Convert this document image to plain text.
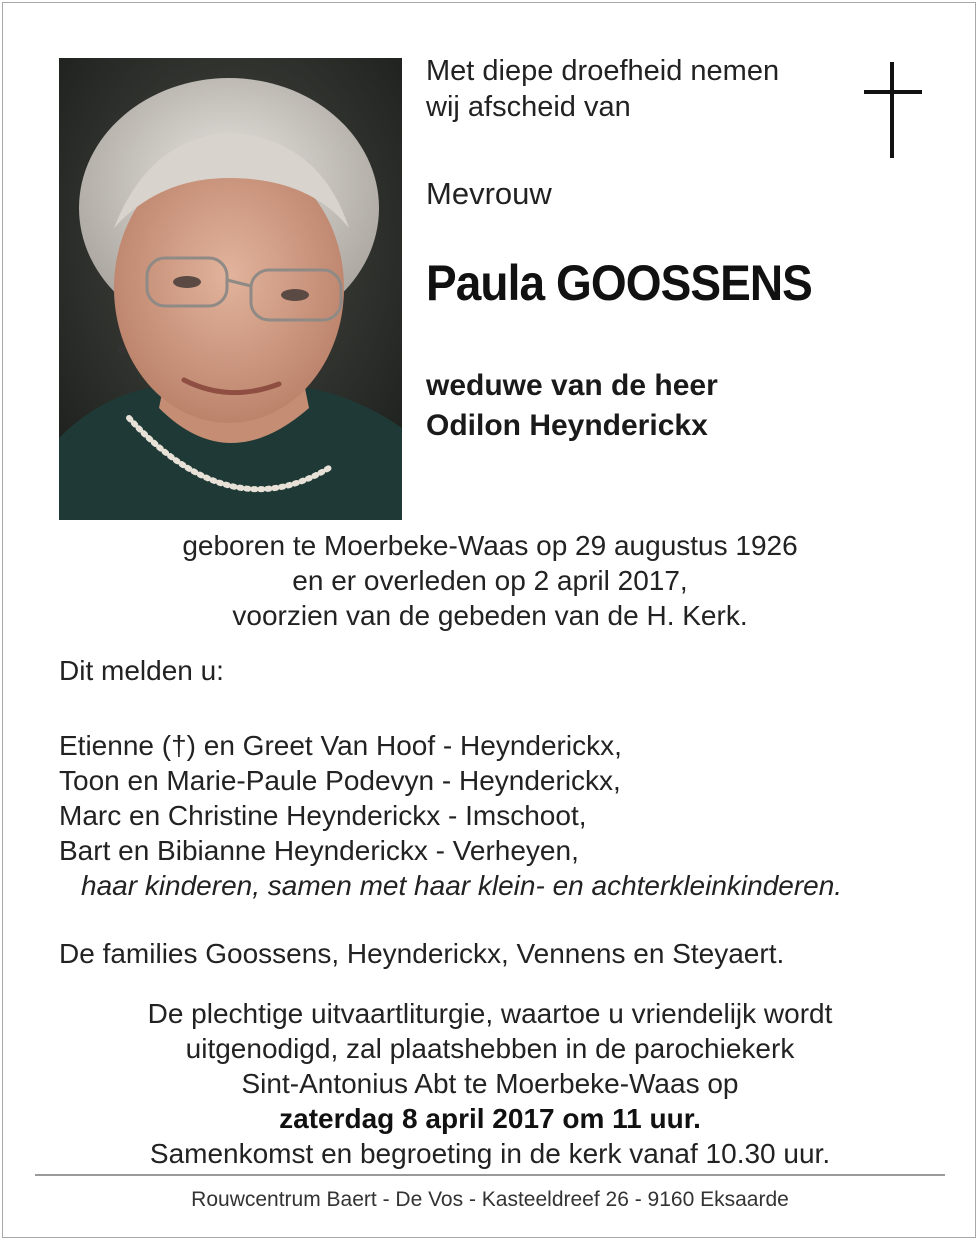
Met diepe droefheid nemen
wij afscheid van
Mevrouw
Paula GOOSSENS
weduwe van de heer
Odilon Heynderickx
geboren te Moerbeke-Waas op 29 augustus 1926
en er overleden op 2 april 2017,
voorzien van de gebeden van de H. Kerk.
Dit melden u:
Etienne (†) en Greet Van Hoof - Heynderickx,
Toon en Marie-Paule Podevyn - Heynderickx,
Marc en Christine Heynderickx - Imschoot,
Bart en Bibianne Heynderickx - Verheyen,
haar kinderen, samen met haar klein- en achterkleinkinderen.
De families Goossens, Heynderickx, Vennens en Steyaert.
De plechtige uitvaartliturgie, waartoe u vriendelijk wordt
uitgenodigd, zal plaatshebben in de parochiekerk
Sint-Antonius Abt te Moerbeke-Waas op
zaterdag 8 april 2017 om 11 uur.
Samenkomst en begroeting in de kerk vanaf 10.30 uur.
Rouwcentrum Baert - De Vos - Kasteeldreef 26 - 9160 Eksaarde
